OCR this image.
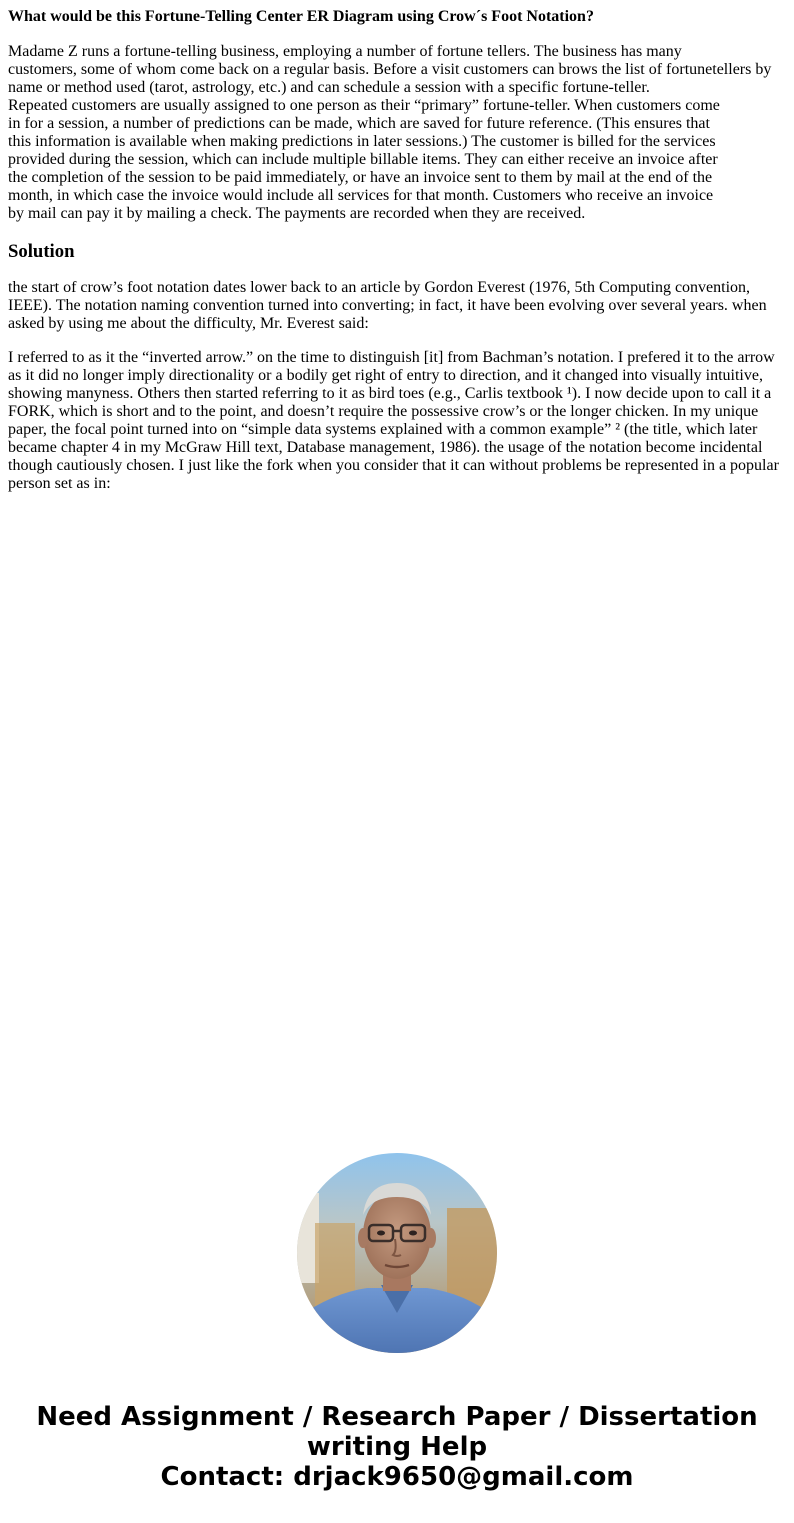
What would be this Fortune-Telling Center ER Diagram using Crow´s Foot Notation?
Madame Z runs a fortune-telling business, employing a number of fortune tellers. The business has many
customers, some of whom come back on a regular basis. Before a visit customers can brows the list of fortunetellers by
name or method used (tarot, astrology, etc.) and can schedule a session with a specific fortune-teller.
Repeated customers are usually assigned to one person as their “primary” fortune-teller. When customers come
in for a session, a number of predictions can be made, which are saved for future reference. (This ensures that
this information is available when making predictions in later sessions.) The customer is billed for the services
provided during the session, which can include multiple billable items. They can either receive an invoice after
the completion of the session to be paid immediately, or have an invoice sent to them by mail at the end of the
month, in which case the invoice would include all services for that month. Customers who receive an invoice
by mail can pay it by mailing a check. The payments are recorded when they are received.
Solution
the start of crow’s foot notation dates lower back to an article by Gordon Everest (1976, 5th Computing convention,
IEEE). The notation naming convention turned into converting; in fact, it have been evolving over several years. when
asked by using me about the difficulty, Mr. Everest said:
I referred to as it the “inverted arrow.” on the time to distinguish [it] from Bachman’s notation. I prefered it to the arrow
as it did no longer imply directionality or a bodily get right of entry to direction, and it changed into visually intuitive,
showing manyness. Others then started referring to it as bird toes (e.g., Carlis textbook ¹). I now decide upon to call it a
FORK, which is short and to the point, and doesn’t require the possessive crow’s or the longer chicken. In my unique
paper, the focal point turned into on “simple data systems explained with a common example” ² (the title, which later
became chapter 4 in my McGraw Hill text, Database management, 1986). the usage of the notation become incidental
though cautiously chosen. I just like the fork when you consider that it can without problems be represented in a popular
person set as in:
Need Assignment / Research Paper / Dissertation
writing Help
Contact: drjack9650@gmail.com
